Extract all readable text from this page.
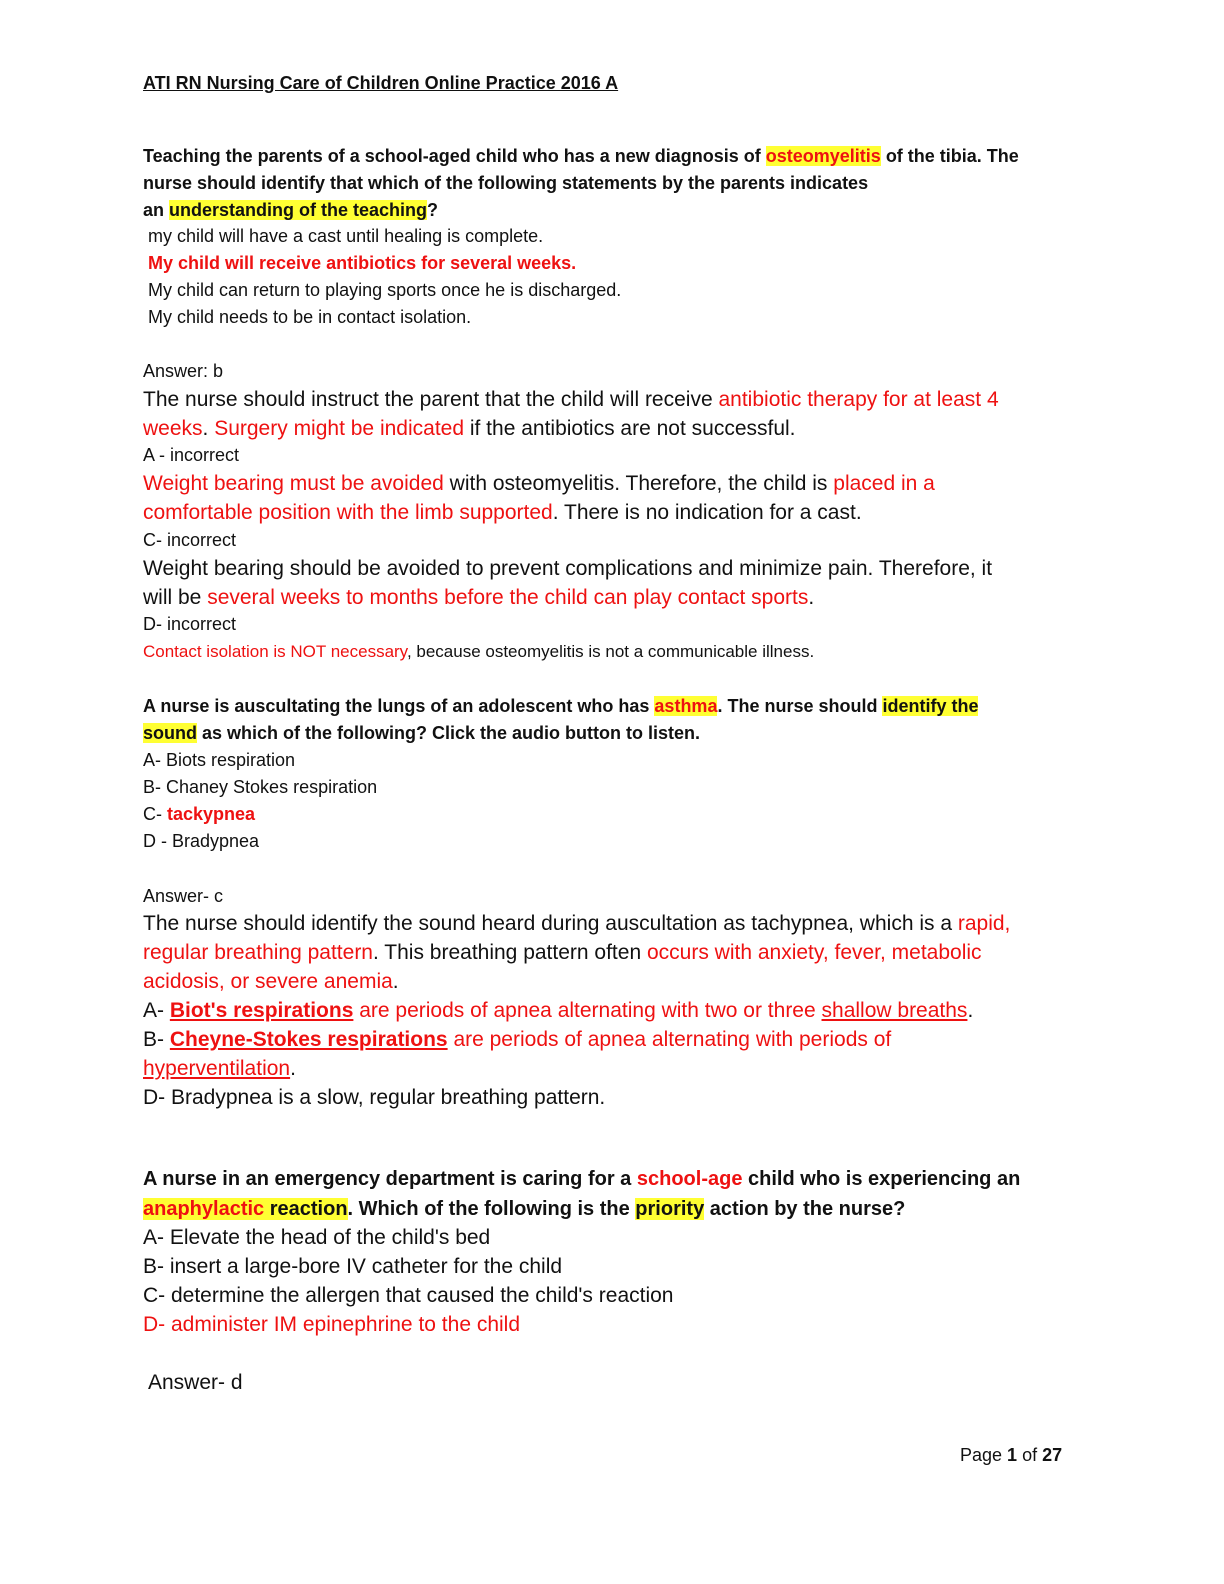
ATI RN Nursing Care of Children Online Practice 2016 A
Teaching the parents of a school-aged child who has a new diagnosis of osteomyelitis of the tibia. The
nurse should identify that which of the following statements by the parents indicates
an understanding of the teaching?
my child will have a cast until healing is complete.
My child will receive antibiotics for several weeks.
My child can return to playing sports once he is discharged.
My child needs to be in contact isolation.
Answer: b
The nurse should instruct the parent that the child will receive antibiotic therapy for at least 4
weeks. Surgery might be indicated if the antibiotics are not successful.
A - incorrect
Weight bearing must be avoided with osteomyelitis. Therefore, the child is placed in a
comfortable position with the limb supported. There is no indication for a cast.
C- incorrect
Weight bearing should be avoided to prevent complications and minimize pain. Therefore, it
will be several weeks to months before the child can play contact sports.
D- incorrect
Contact isolation is NOT necessary, because osteomyelitis is not a communicable illness.
A nurse is auscultating the lungs of an adolescent who has asthma. The nurse should identify the
sound as which of the following? Click the audio button to listen.
A- Biots respiration
B- Chaney Stokes respiration
C- tackypnea
D - Bradypnea
Answer- c
The nurse should identify the sound heard during auscultation as tachypnea, which is a rapid,
regular breathing pattern. This breathing pattern often occurs with anxiety, fever, metabolic
acidosis, or severe anemia.
A- Biot's respirations are periods of apnea alternating with two or three shallow breaths.
B- Cheyne-Stokes respirations are periods of apnea alternating with periods of
hyperventilation.
D- Bradypnea is a slow, regular breathing pattern.
A nurse in an emergency department is caring for a school-age child who is experiencing an
anaphylactic reaction. Which of the following is the priority action by the nurse?
A- Elevate the head of the child's bed
B- insert a large-bore IV catheter for the child
C- determine the allergen that caused the child's reaction
D- administer IM epinephrine to the child
Answer- d
Page 1 of 27
